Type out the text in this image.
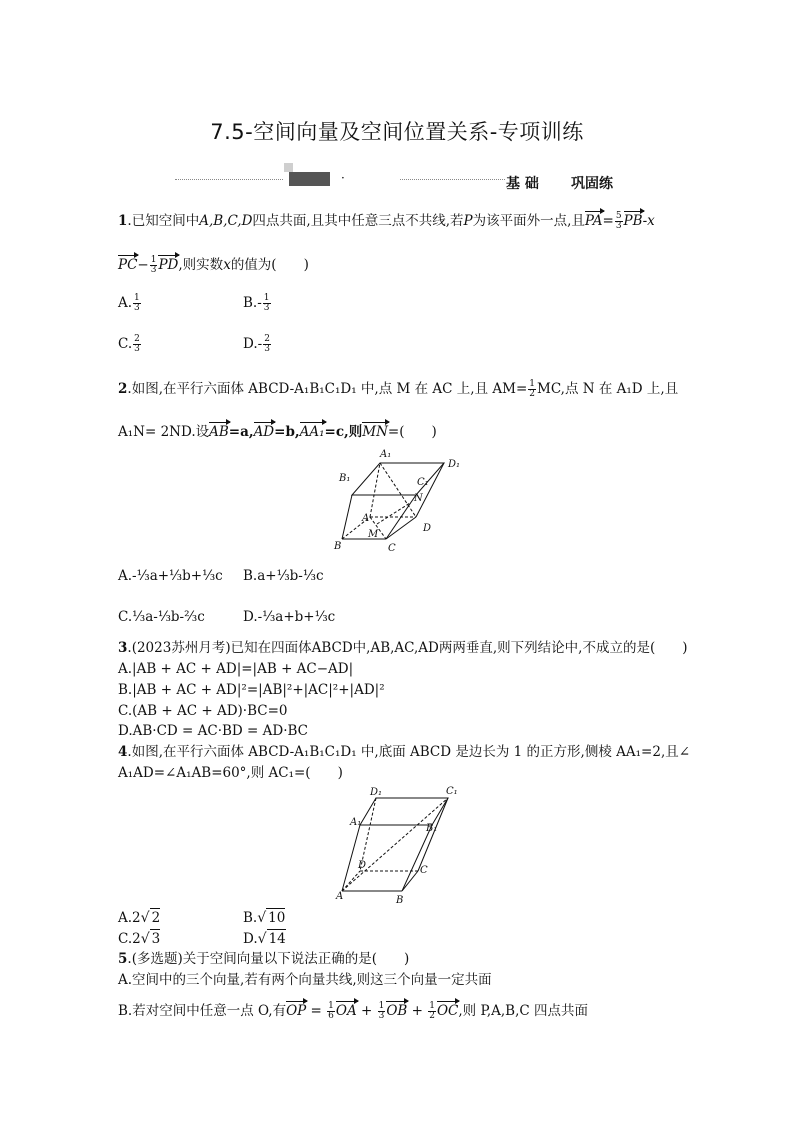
7.5-空间向量及空间位置关系-专项训练
·	基 础 巩固练
1.已知空间中A,B,C,D四点共面,且其中任意三点不共线,若P为该平面外一点,且$PA= \frac{5}{3} PB-x$
$PC- \frac{1}{3}$ PD,则实数x的值为(　　)
A. $\frac{1}{3}$	$B.- \frac{1}{3}$
C. $\frac{2}{3}$	$D.- \frac{2}{3}$
2.如图,在平行六面体 ABCD-A₁B₁C₁D₁ 中,点 M 在 AC 上,且 $AM= \frac{1}{2}$ MC,点 N 在 A₁D 上,且
A₁N= 2ND.设AB=a,AD=b,AA₁=c,则MN=(　　)
A₁
D₁
B₁	C₁
N
A
M
D
B	C
A.-⅓a+⅓b+⅓c B.a+⅓b-⅓c
C.⅓a-⅓b-⅔c	D.-⅓a+b+⅓c
3.(2023苏州月考)已知在四面体ABCD中,AB,AC,AD两两垂直,则下列结论中,不成立的是(　　)
A.|AB + AC + AD|=|AB + AC−AD|
B.|AB + AC + AD|²=|AB|²+|AC|²+|AD|²
C.(AB + AC + AD)·BC=0
D.AB·CD = AC·BD = AD·BC
4.如图,在平行六面体 ABCD-A₁B₁C₁D₁ 中,底面 ABCD 是边长为 1 的正方形,侧棱 AA₁=2,且∠
A₁AD=∠A₁AB=60°,则 AC₁=(　　)
D₁	C₁
A₁
B₁
D	C
A	B
A.2√ 2	B.√ 10
C.2√ 3	D.√ 14
5.(多选题)关于空间向量以下说法正确的是(　　)
A.空间中的三个向量,若有两个向量共线,则这三个向量一定共面
B.若对空间中任意一点 O,有OP = $\frac{1}{6}$ OA + $\frac{1}{3}$ OB + $\frac{1}{2}$ OC,则 P,A,B,C 四点共面
